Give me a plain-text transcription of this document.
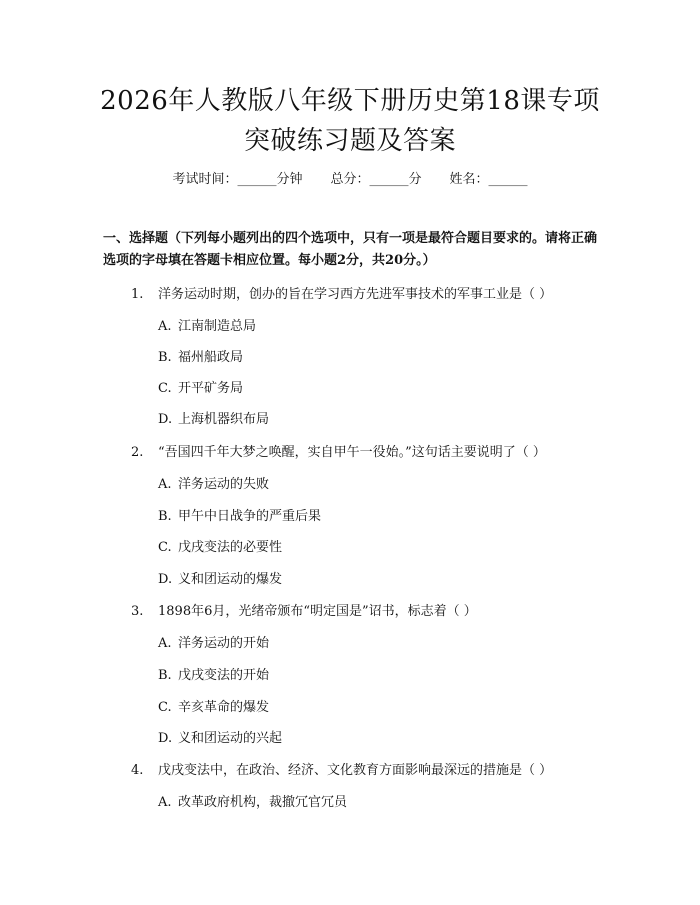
2026年人教版八年级下册历史第18课专项
突破练习题及答案
考试时间：______分钟 总分：______分 姓名：______
一、选择题（下列每小题列出的四个选项中，只有一项是最符合题目要求的。请将正确选项的字母填在答题卡相应位置。每小题2分，共20分。）
1. 洋务运动时期，创办的旨在学习西方先进军事技术的军事工业是（ ）
A. 江南制造总局
B. 福州船政局
C. 开平矿务局
D. 上海机器织布局
2. “吾国四千年大梦之唤醒，实自甲午一役始。”这句话主要说明了（ ）
A. 洋务运动的失败
B. 甲午中日战争的严重后果
C. 戊戌变法的必要性
D. 义和团运动的爆发
3. 1898年6月，光绪帝颁布“明定国是”诏书，标志着（ ）
A. 洋务运动的开始
B. 戊戌变法的开始
C. 辛亥革命的爆发
D. 义和团运动的兴起
4. 戊戌变法中，在政治、经济、文化教育方面影响最深远的措施是（ ）
A. 改革政府机构，裁撤冗官冗员
